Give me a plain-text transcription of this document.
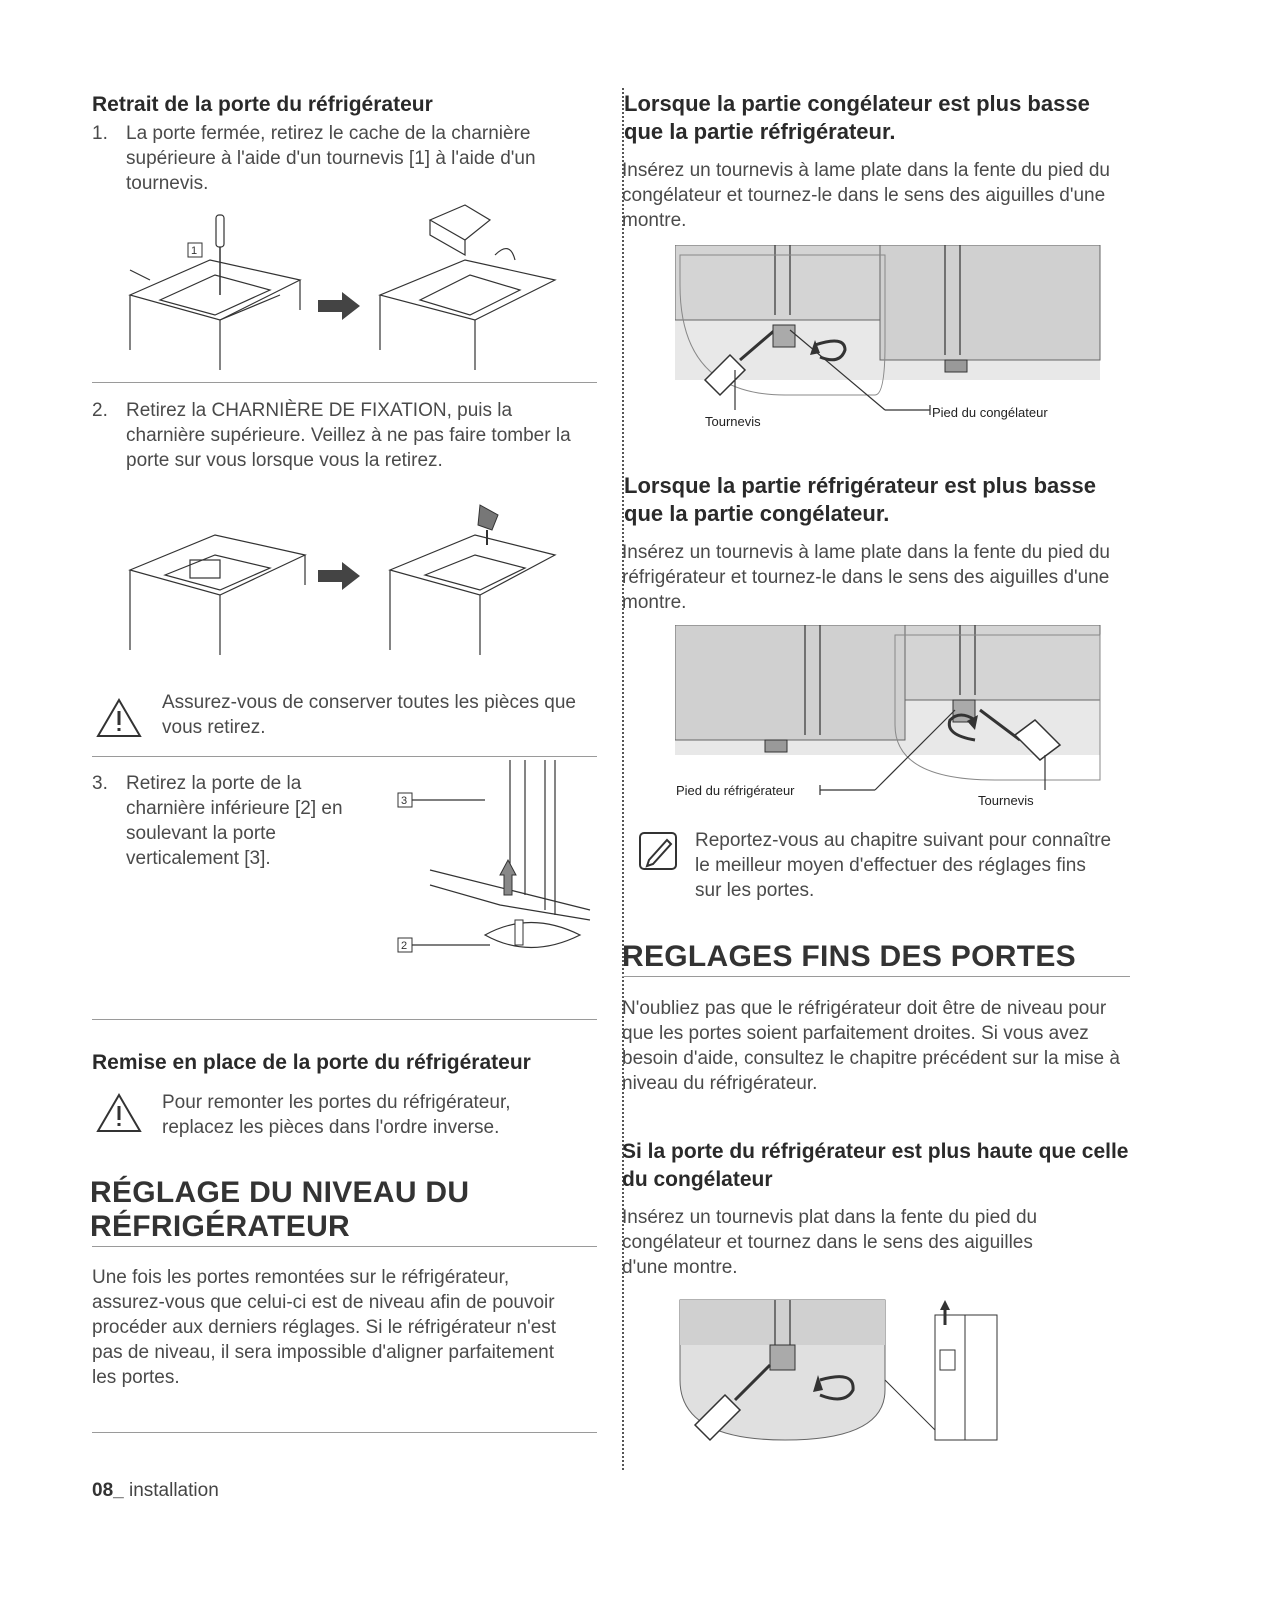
Retrait de la porte du réfrigérateur
1. La porte fermée, retirez le cache de la charnière supérieure à l'aide d'un tournevis [1] à l'aide d'un tournevis.
1
2. Retirez la CHARNIÈRE DE FIXATION, puis la charnière supérieure. Veillez à ne pas faire tomber la porte sur vous lorsque vous la retirez.
Assurez-vous de conserver toutes les pièces que vous retirez.
3. Retirez la porte de la charnière inférieure [2] en soulevant la porte verticalement [3].
3
2
Remise en place de la porte du réfrigérateur
Pour remonter les portes du réfrigérateur, replacez les pièces dans l'ordre inverse.
RÉGLAGE DU NIVEAU DU
RÉFRIGÉRATEUR
Une fois les portes remontées sur le réfrigérateur, assurez-vous que celui-ci est de niveau afin de pouvoir procéder aux derniers réglages. Si le réfrigérateur n'est pas de niveau, il sera impossible d'aligner parfaitement les portes.
08_ installation
Lorsque la partie congélateur est plus basse que la partie réfrigérateur.
Insérez un tournevis à lame plate dans la fente du pied du congélateur et tournez-le dans le sens des aiguilles d'une montre.
Tournevis
Pied du congélateur
Lorsque la partie réfrigérateur est plus basse que la partie congélateur.
Insérez un tournevis à lame plate dans la fente du pied du réfrigérateur et tournez-le dans le sens des aiguilles d'une montre.
Pied du réfrigérateur
Tournevis
Reportez-vous au chapitre suivant pour connaître le meilleur moyen d'effectuer des réglages fins sur les portes.
REGLAGES FINS DES PORTES
N'oubliez pas que le réfrigérateur doit être de niveau pour que les portes soient parfaitement droites. Si vous avez besoin d'aide, consultez le chapitre précédent sur la mise à niveau du réfrigérateur.
Si la porte du réfrigérateur est plus haute que celle du congélateur
Insérez un tournevis plat dans la fente du pied du congélateur et tournez dans le sens des aiguilles d'une montre.
